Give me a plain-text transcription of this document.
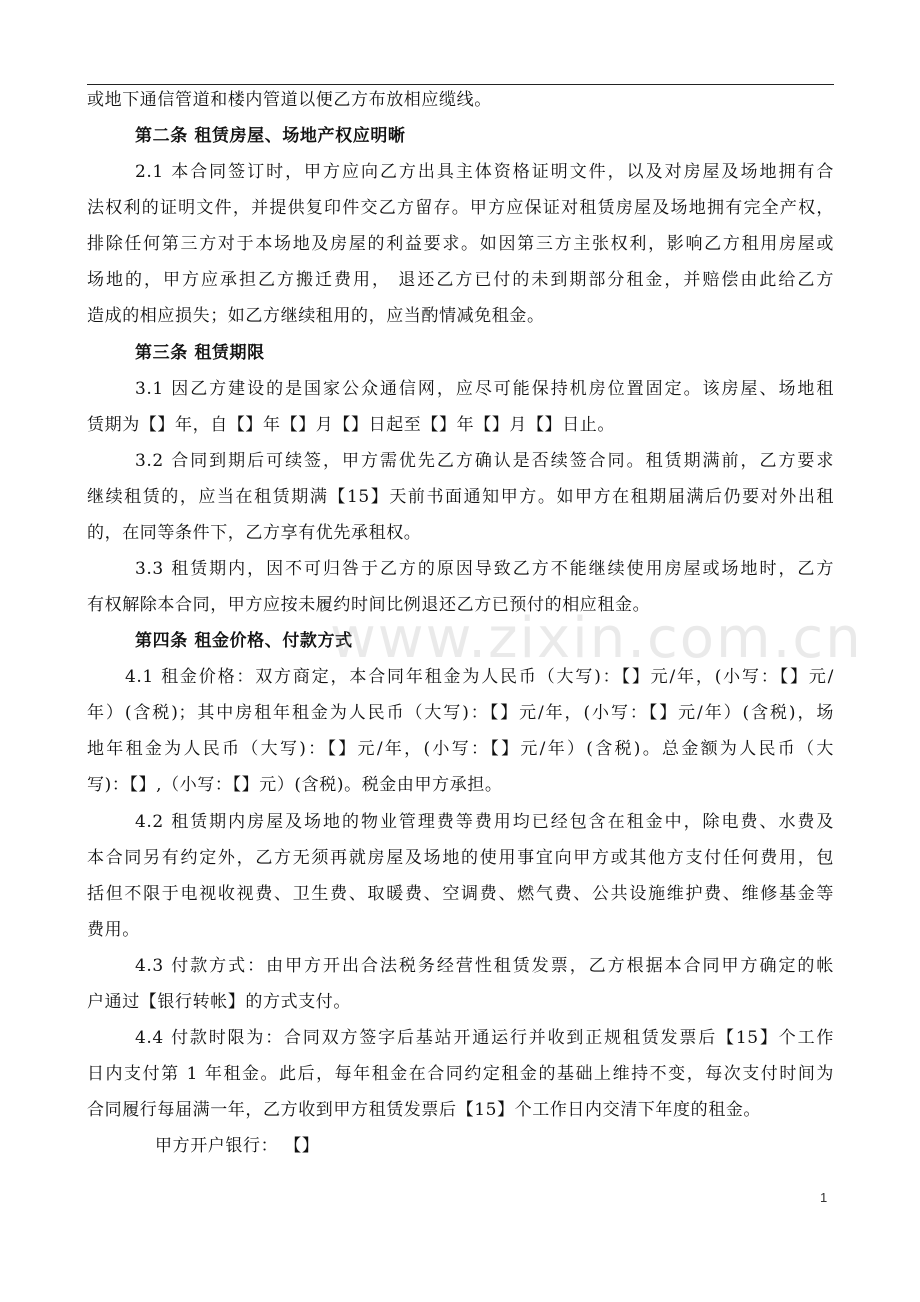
或地下通信管道和楼内管道以便乙方布放相应缆线。
第二条 租赁房屋、场地产权应明晰
2.1 本合同签订时，甲方应向乙方出具主体资格证明文件，以及对房屋及场地拥有合
法权利的证明文件，并提供复印件交乙方留存。甲方应保证对租赁房屋及场地拥有完全产权，
排除任何第三方对于本场地及房屋的利益要求。如因第三方主张权利，影响乙方租用房屋或
场地的，甲方应承担乙方搬迁费用， 退还乙方已付的未到期部分租金，并赔偿由此给乙方
造成的相应损失；如乙方继续租用的，应当酌情减免租金。
第三条 租赁期限
3.1 因乙方建设的是国家公众通信网，应尽可能保持机房位置固定。该房屋、场地租
赁期为【】年，自【】年【】月【】日起至【】年【】月【】日止。
3.2 合同到期后可续签，甲方需优先乙方确认是否续签合同。租赁期满前，乙方要求
继续租赁的，应当在租赁期满【15】天前书面通知甲方。如甲方在租期届满后仍要对外出租
的，在同等条件下，乙方享有优先承租权。
3.3 租赁期内，因不可归咎于乙方的原因导致乙方不能继续使用房屋或场地时，乙方
有权解除本合同，甲方应按未履约时间比例退还乙方已预付的相应租金。
第四条 租金价格、付款方式
4.1 租金价格：双方商定，本合同年租金为人民币（大写)：【】元/年，(小写：【】元/
年）(含税)；其中房租年租金为人民币（大写)：【】元/年，(小写：【】元/年）(含税)，场
地年租金为人民币（大写)：【】元/年，(小写：【】元/年）(含税)。总金额为人民币（大
写)：【】,（小写：【】元）(含税)。税金由甲方承担。
4.2 租赁期内房屋及场地的物业管理费等费用均已经包含在租金中，除电费、水费及
本合同另有约定外，乙方无须再就房屋及场地的使用事宜向甲方或其他方支付任何费用，包
括但不限于电视收视费、卫生费、取暖费、空调费、燃气费、公共设施维护费、维修基金等
费用。
4.3 付款方式：由甲方开出合法税务经营性租赁发票，乙方根据本合同甲方确定的帐
户通过【银行转帐】的方式支付。
4.4 付款时限为：合同双方签字后基站开通运行并收到正规租赁发票后【15】个工作
日内支付第 1 年租金。此后，每年租金在合同约定租金的基础上维持不变，每次支付时间为
合同履行每届满一年，乙方收到甲方租赁发票后【15】个工作日内交清下年度的租金。
甲方开户银行： 【】
www.zixin.com.cn
1
